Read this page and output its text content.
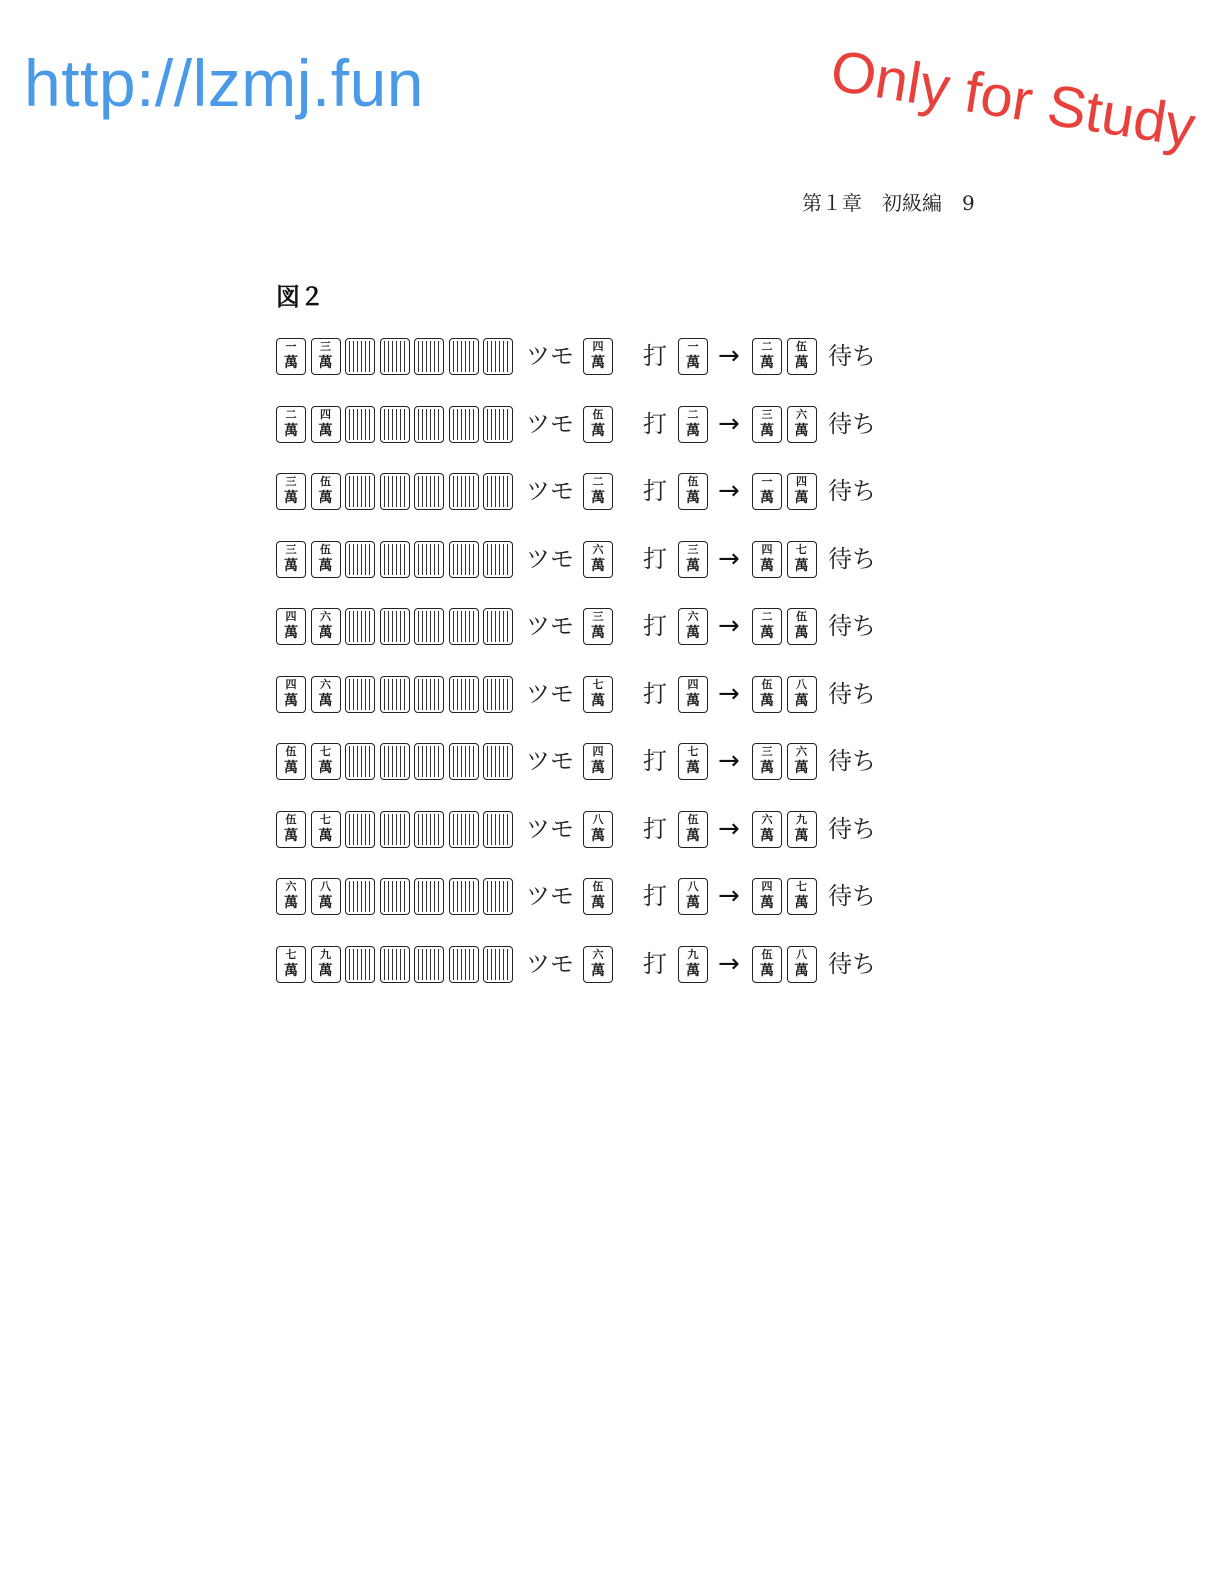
http://lzmj.fun	Only for Study
第１章　初級編　9
図２
一
萬
三
萬	ツモ	四
萬 打	一
萬 →	二
萬
伍
萬 待ち
二
萬
四
萬	ツモ	伍
萬 打	二
萬 →	三
萬
六
萬 待ち
三
萬
伍
萬	ツモ	二
萬 打	伍
萬 →	一
萬
四
萬 待ち
三
萬
伍
萬	ツモ	六
萬 打	三
萬 →	四
萬
七
萬 待ち
四
萬
六
萬	ツモ	三
萬 打	六
萬 →	二
萬
伍
萬 待ち
四
萬
六
萬	ツモ	七
萬 打	四
萬 →	伍
萬
八
萬 待ち
伍
萬
七
萬	ツモ	四
萬 打	七
萬 →	三
萬
六
萬 待ち
伍
萬
七
萬	ツモ	八
萬 打	伍
萬 →	六
萬
九
萬 待ち
六
萬
八
萬	ツモ	伍
萬 打	八
萬 →	四
萬
七
萬 待ち
七
萬
九
萬	ツモ	六
萬 打	九
萬 →	伍
萬
八
萬 待ち
